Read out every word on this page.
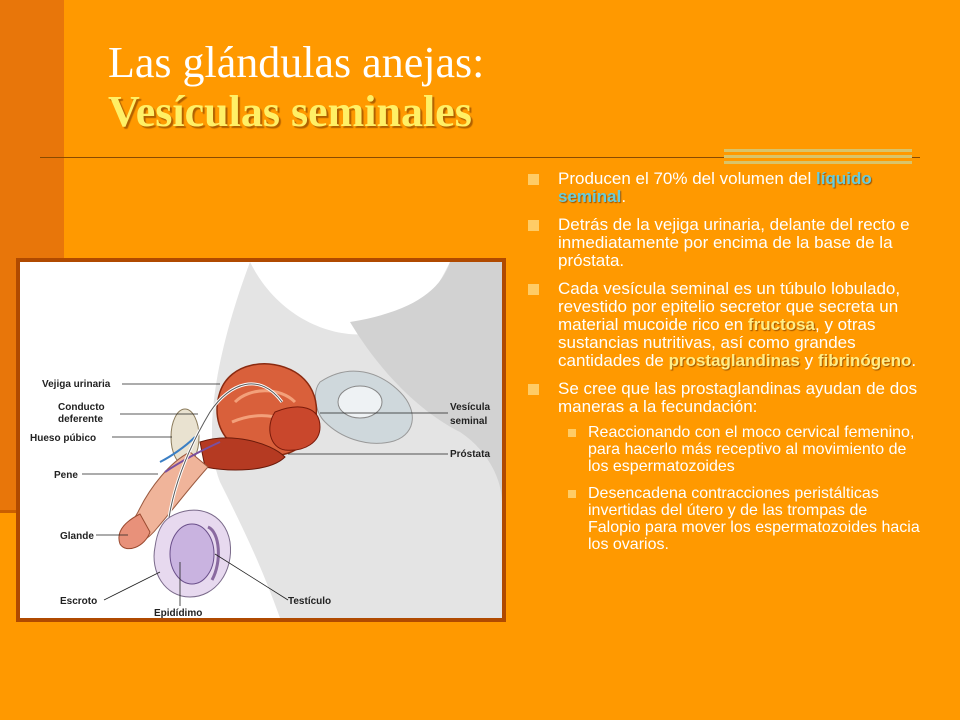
Las glándulas anejas:
Vesículas seminales
Vejiga urinaria
Conducto
deferente
Hueso púbico
Pene
Glande
Escroto
Epidídimo
Testículo
Vesícula
seminal
Próstata
Producen el 70% del volumen del líquido seminal.
Detrás de la vejiga urinaria, delante del recto e inmediatamente por encima de la base de la próstata.
Cada vesícula seminal es un túbulo lobulado, revestido por epitelio secretor que secreta un material mucoide rico en fructosa, y otras sustancias nutritivas, así como grandes cantidades de prostaglandinas y fibrinógeno.
Se cree que las prostaglandinas ayudan de dos maneras a la fecundación:
Reaccionando con el moco cervical femenino, para hacerlo más receptivo al movimiento de los espermatozoides
Desencadena contracciones peristálticas invertidas del útero y de las trompas de Falopio para mover los espermatozoides hacia los ovarios.
